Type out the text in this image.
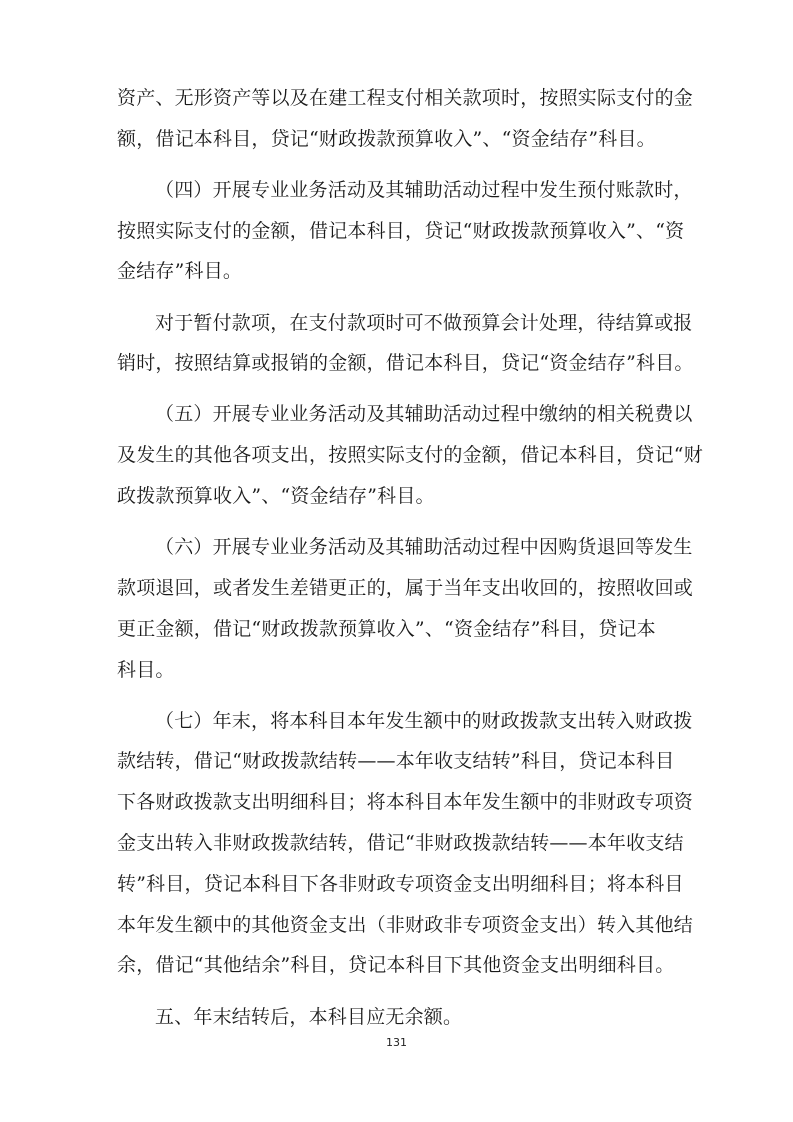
资产、无形资产等以及在建工程支付相关款项时，按照实际支付的金
额，借记本科目，贷记“财政拨款预算收入”、“资金结存”科目。
（四）开展专业业务活动及其辅助活动过程中发生预付账款时，
按照实际支付的金额，借记本科目，贷记“财政拨款预算收入”、“资
金结存”科目。
对于暂付款项，在支付款项时可不做预算会计处理，待结算或报
销时，按照结算或报销的金额，借记本科目，贷记“资金结存”科目。
（五）开展专业业务活动及其辅助活动过程中缴纳的相关税费以
及发生的其他各项支出，按照实际支付的金额，借记本科目，贷记“财
政拨款预算收入”、“资金结存”科目。
（六）开展专业业务活动及其辅助活动过程中因购货退回等发生
款项退回，或者发生差错更正的，属于当年支出收回的，按照收回或
更正金额，借记“财政拨款预算收入”、“资金结存”科目，贷记本
科目。
（七）年末，将本科目本年发生额中的财政拨款支出转入财政拨
款结转，借记“财政拨款结转——本年收支结转”科目，贷记本科目
下各财政拨款支出明细科目；将本科目本年发生额中的非财政专项资
金支出转入非财政拨款结转，借记“非财政拨款结转——本年收支结
转”科目，贷记本科目下各非财政专项资金支出明细科目；将本科目
本年发生额中的其他资金支出（非财政非专项资金支出）转入其他结
余，借记“其他结余”科目，贷记本科目下其他资金支出明细科目。
五、年末结转后，本科目应无余额。
131
